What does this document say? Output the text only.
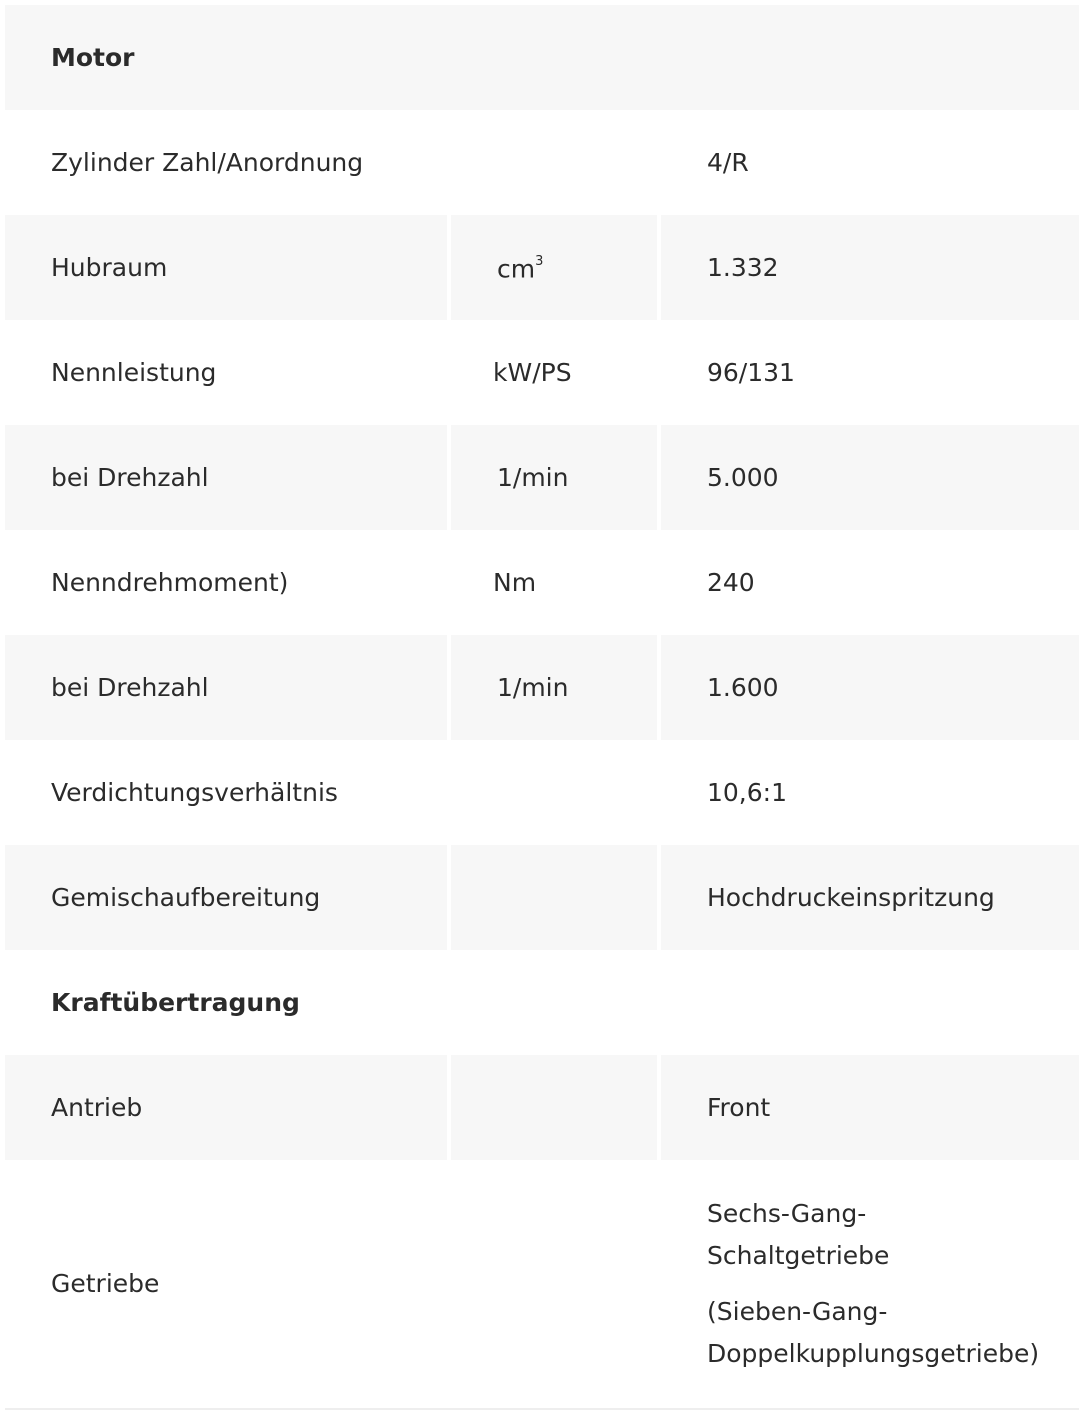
Motor		
Zylinder Zahl/Anordnung		4/R
Hubraum	$cm^3$	1.332
Nennleistung	kW/PS	96/131
bei Drehzahl	1/min	5.000
Nenndrehmoment)	Nm	240
bei Drehzahl	1/min	1.600
Verdichtungsverhältnis		10,6:1
Gemischaufbereitung		Hochdruckeinspritzung
Kraftübertragung		
Antrieb		Front
Getriebe		Sechs-Gang-
Schaltgetriebe
(Sieben-Gang-
Doppelkupplungsgetriebe)
